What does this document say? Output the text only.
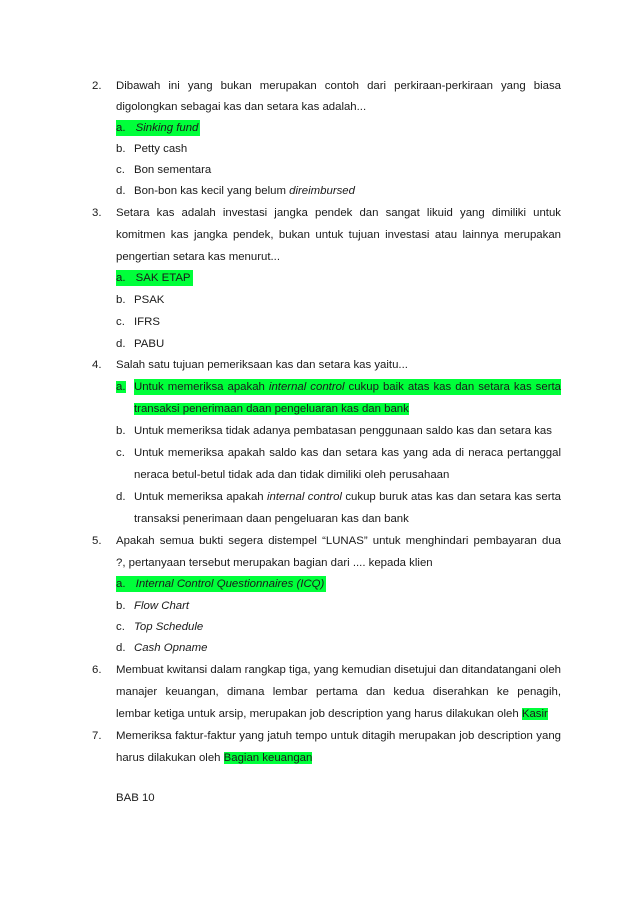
2. Dibawah ini yang bukan merupakan contoh dari perkiraan-perkiraan yang biasa
digolongkan sebagai kas dan setara kas adalah...
a. Sinking fund
b. Petty cash
c. Bon sementara
d. Bon-bon kas kecil yang belum direimbursed
3. Setara kas adalah investasi jangka pendek dan sangat likuid yang dimiliki untuk
komitmen kas jangka pendek, bukan untuk tujuan investasi atau lainnya merupakan
pengertian setara kas menurut...
a. SAK ETAP
b. PSAK
c. IFRS
d. PABU
4. Salah satu tujuan pemeriksaan kas dan setara kas yaitu...
a. Untuk memeriksa apakah internal control cukup baik atas kas dan setara kas serta
transaksi penerimaan daan pengeluaran kas dan bank
b. Untuk memeriksa tidak adanya pembatasan penggunaan saldo kas dan setara kas
c. Untuk memeriksa apakah saldo kas dan setara kas yang ada di neraca pertanggal
neraca betul-betul tidak ada dan tidak dimiliki oleh perusahaan
d. Untuk memeriksa apakah internal control cukup buruk atas kas dan setara kas serta
transaksi penerimaan daan pengeluaran kas dan bank
5. Apakah semua bukti segera distempel “LUNAS” untuk menghindari pembayaran dua
?, pertanyaan tersebut merupakan bagian dari .... kepada klien
a. Internal Control Questionnaires (ICQ)
b. Flow Chart
c. Top Schedule
d. Cash Opname
6. Membuat kwitansi dalam rangkap tiga, yang kemudian disetujui dan ditandatangani oleh
manajer keuangan, dimana lembar pertama dan kedua diserahkan ke penagih,
lembar ketiga untuk arsip, merupakan job description yang harus dilakukan oleh Kasir
7. Memeriksa faktur-faktur yang jatuh tempo untuk ditagih merupakan job description yang
harus dilakukan oleh Bagian keuangan
BAB 10
